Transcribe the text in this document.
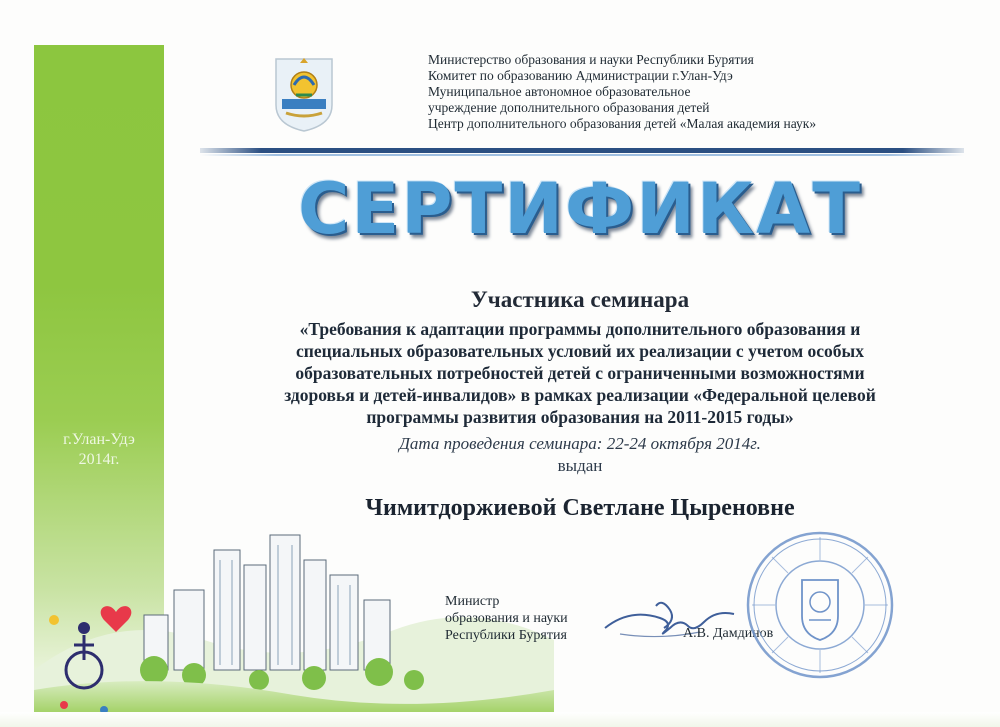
г.Улан-Удэ
2014г.
Министерство образования и науки Республики Бурятия
Комитет по образованию Администрации г.Улан-Удэ
Муниципальное автономное образовательное
учреждение дополнительного образования детей
Центр дополнительного образования детей «Малая академия наук»
СЕРТИФИКАТ
Участника семинара
«Требования к адаптации программы дополнительного образования и
специальных образовательных условий их реализации с учетом особых
образовательных потребностей детей с ограниченными возможностями
здоровья и детей-инвалидов» в рамках реализации «Федеральной целевой
программы развития образования на 2011-2015 годы»
Дата проведения семинара: 22-24 октября 2014г.
выдан
Чимитдоржиевой Светлане Цыреновне
Министр
образования и науки
Республики Бурятия	А.В. Дамдинов
